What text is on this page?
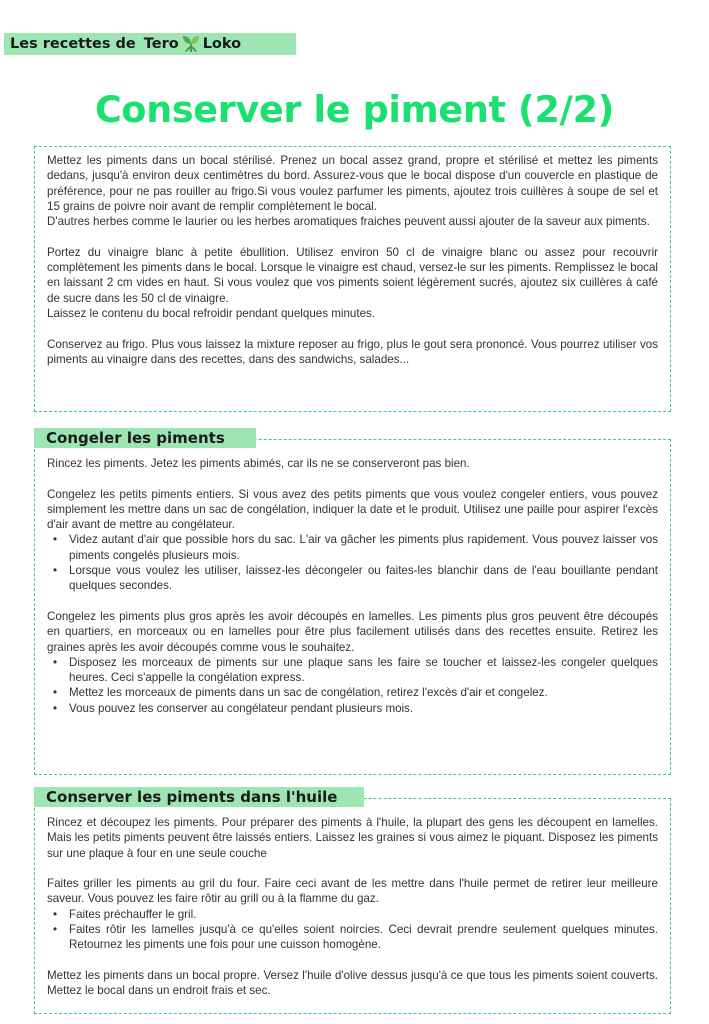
Les recettes de Tero Loko
Conserver le piment (2/2)

Mettez les piments dans un bocal stérilisé. Prenez un bocal assez grand, propre et stérilisé et mettez les piments dedans, jusqu'à environ deux centimètres du bord. Assurez-vous que le bocal dispose d'un couvercle en plastique de préférence, pour ne pas rouiller au frigo.Si vous voulez parfumer les piments, ajoutez trois cuillères à soupe de sel et 15 grains de poivre noir avant de remplir complètement le bocal.

D'autres herbes comme le laurier ou les herbes aromatiques fraiches peuvent aussi ajouter de la saveur aux piments.

Portez du vinaigre blanc à petite ébullition. Utilisez environ 50 cl de vinaigre blanc ou assez pour recouvrir complètement les piments dans le bocal. Lorsque le vinaigre est chaud, versez-le sur les piments. Remplissez le bocal en laissant 2 cm vides en haut. Si vous voulez que vos piments soient légèrement sucrés, ajoutez six cuillères à café de sucre dans les 50 cl de vinaigre.

Laissez le contenu du bocal refroidir pendant quelques minutes.

Conservez au frigo. Plus vous laissez la mixture reposer au frigo, plus le gout sera prononcé. Vous pourrez utiliser vos piments au vinaigre dans des recettes, dans des sandwichs, salades...

Congeler les piments

Rincez les piments. Jetez les piments abimés, car ils ne se conserveront pas bien.

Congelez les petits piments entiers. Si vous avez des petits piments que vous voulez congeler entiers, vous pouvez simplement les mettre dans un sac de congélation, indiquer la date et le produit. Utilisez une paille pour aspirer l'excès d'air avant de mettre au congélateur.

• Videz autant d'air que possible hors du sac. L'air va gâcher les piments plus rapidement. Vous pouvez laisser vos piments congelés plusieurs mois.
• Lorsque vous voulez les utiliser, laissez-les décongeler ou faites-les blanchir dans de l'eau bouillante pendant quelques secondes.

Congelez les piments plus gros après les avoir découpés en lamelles. Les piments plus gros peuvent être découpés en quartiers, en morceaux ou en lamelles pour être plus facilement utilisés dans des recettes ensuite. Retirez les graines après les avoir découpés comme vous le souhaitez.

• Disposez les morceaux de piments sur une plaque sans les faire se toucher et laissez-les congeler quelques heures. Ceci s'appelle la congélation express.
• Mettez les morceaux de piments dans un sac de congélation, retirez l'excès d'air et congelez.
• Vous pouvez les conserver au congélateur pendant plusieurs mois.
Conserver les piments dans l'huile

Rincez et découpez les piments. Pour préparer des piments à l'huile, la plupart des gens les découpent en lamelles. Mais les petits piments peuvent être laissés entiers. Laissez les graines si vous aimez le piquant. Disposez les piments sur une plaque à four en une seule couche

Faites griller les piments au gril du four. Faire ceci avant de les mettre dans l'huile permet de retirer leur meilleure saveur. Vous pouvez les faire rôtir au grill ou à la flamme du gaz.

• Faites préchauffer le gril.
• Faites rôtir les lamelles jusqu'à ce qu'elles soient noircies. Ceci devrait prendre seulement quelques minutes. Retournez les piments une fois pour une cuisson homogène.

Mettez les piments dans un bocal propre. Versez l'huile d'olive dessus jusqu'à ce que tous les piments soient couverts. Mettez le bocal dans un endroit frais et sec.
